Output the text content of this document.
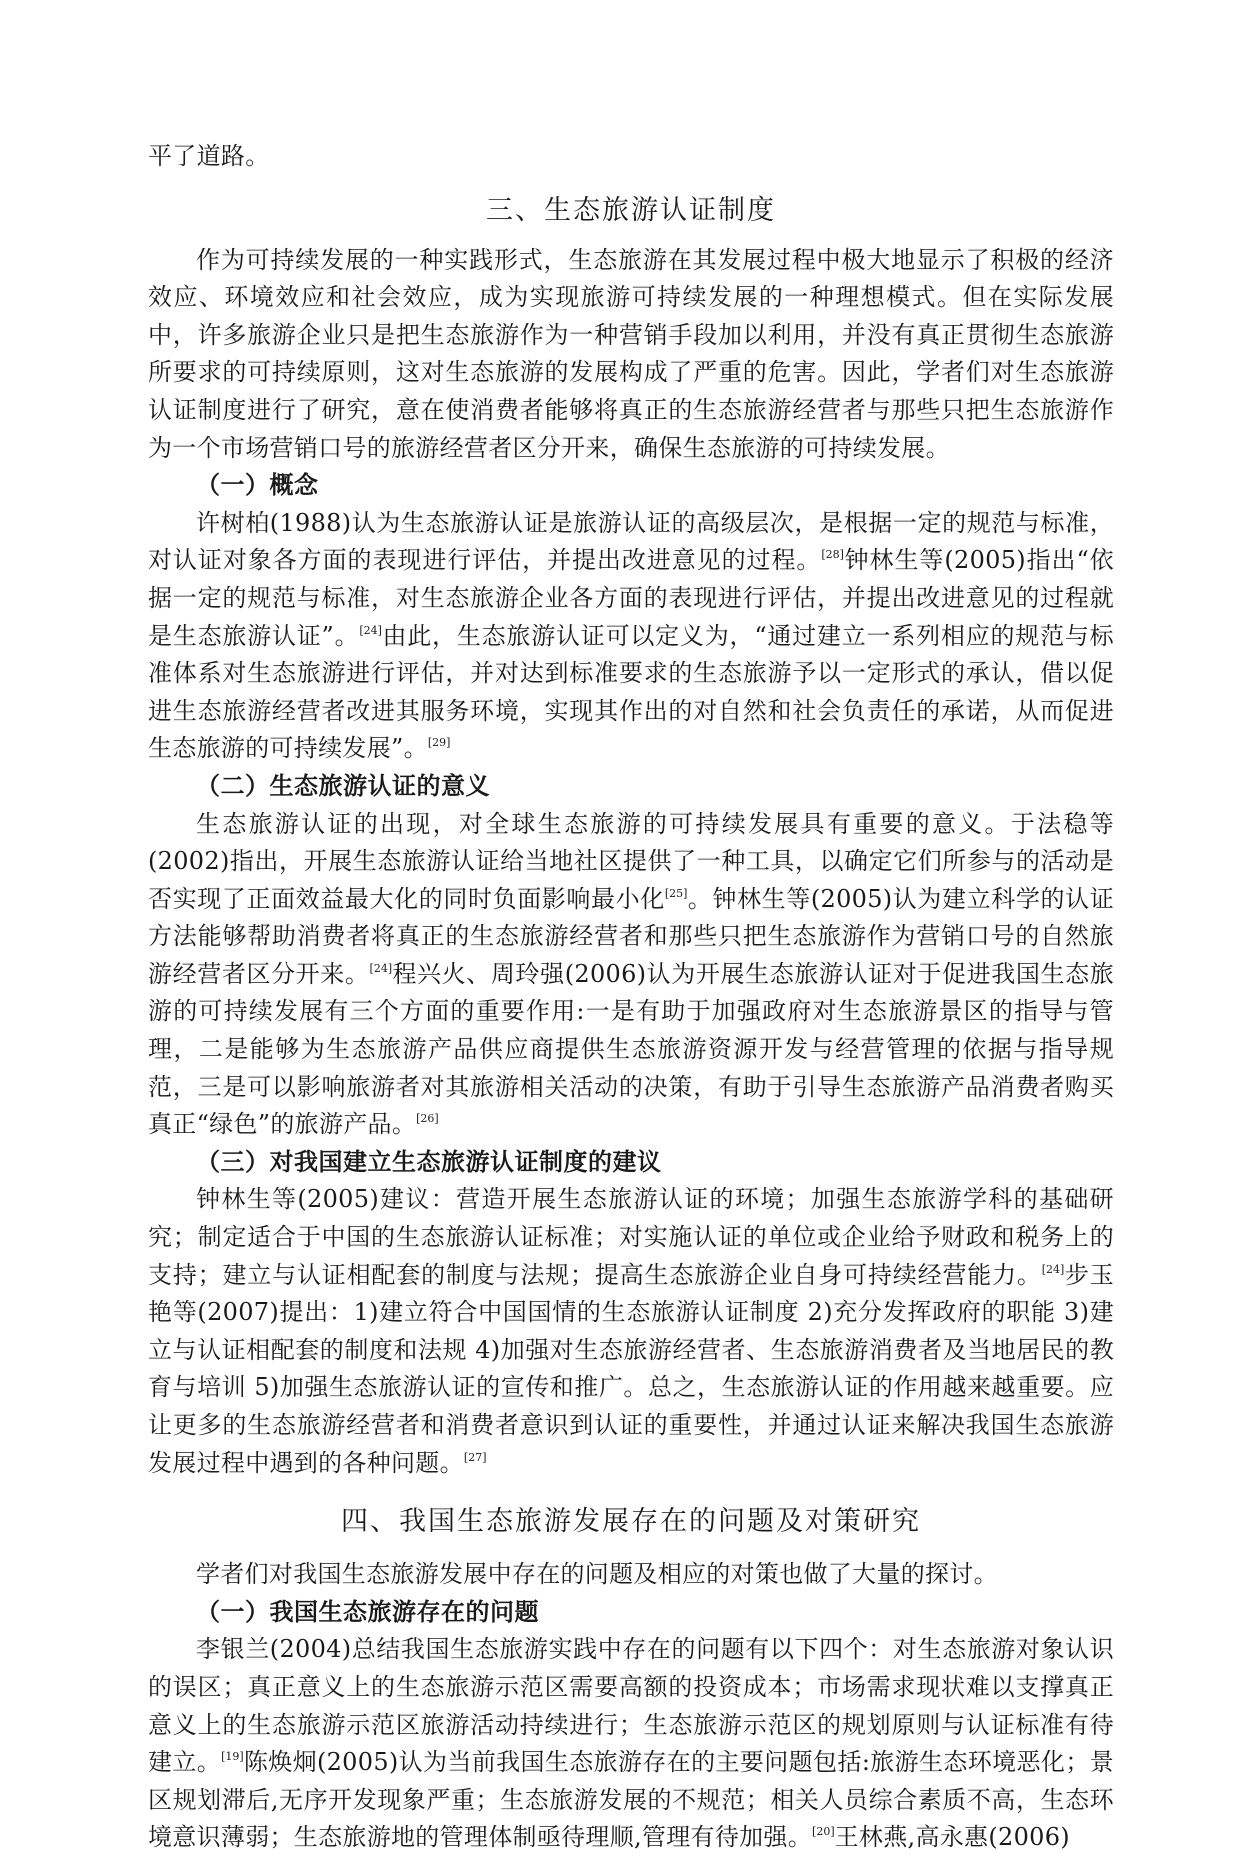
平了道路。

三、生态旅游认证制度

作为可持续发展的一种实践形式，生态旅游在其发展过程中极大地显示了积极的经济效应、环境效应和社会效应，成为实现旅游可持续发展的一种理想模式。但在实际发展中，许多旅游企业只是把生态旅游作为一种营销手段加以利用，并没有真正贯彻生态旅游所要求的可持续原则，这对生态旅游的发展构成了严重的危害。因此，学者们对生态旅游认证制度进行了研究，意在使消费者能够将真正的生态旅游经营者与那些只把生态旅游作为一个市场营销口号的旅游经营者区分开来，确保生态旅游的可持续发展。

（一）概念

许树柏(1988)认为生态旅游认证是旅游认证的高级层次，是根据一定的规范与标准，对认证对象各方面的表现进行评估，并提出改进意见的过程。[28]钟林生等(2005)指出“依据一定的规范与标准，对生态旅游企业各方面的表现进行评估，并提出改进意见的过程就是生态旅游认证”。[24]由此，生态旅游认证可以定义为，“通过建立一系列相应的规范与标准体系对生态旅游进行评估，并对达到标准要求的生态旅游予以一定形式的承认，借以促进生态旅游经营者改进其服务环境，实现其作出的对自然和社会负责任的承诺，从而促进生态旅游的可持续发展”。[29]

（二）生态旅游认证的意义

生态旅游认证的出现，对全球生态旅游的可持续发展具有重要的意义。于法稳等(2002)指出，开展生态旅游认证给当地社区提供了一种工具，以确定它们所参与的活动是否实现了正面效益最大化的同时负面影响最小化[25]。钟林生等(2005)认为建立科学的认证方法能够帮助消费者将真正的生态旅游经营者和那些只把生态旅游作为营销口号的自然旅游经营者区分开来。[24]程兴火、周玲强(2006)认为开展生态旅游认证对于促进我国生态旅游的可持续发展有三个方面的重要作用:一是有助于加强政府对生态旅游景区的指导与管理，二是能够为生态旅游产品供应商提供生态旅游资源开发与经营管理的依据与指导规范，三是可以影响旅游者对其旅游相关活动的决策，有助于引导生态旅游产品消费者购买真正“绿色”的旅游产品。[26]

（三）对我国建立生态旅游认证制度的建议

钟林生等(2005)建议：营造开展生态旅游认证的环境；加强生态旅游学科的基础研究；制定适合于中国的生态旅游认证标准；对实施认证的单位或企业给予财政和税务上的支持；建立与认证相配套的制度与法规；提高生态旅游企业自身可持续经营能力。[24]步玉艳等(2007)提出：1)建立符合中国国情的生态旅游认证制度 2)充分发挥政府的职能 3)建立与认证相配套的制度和法规 4)加强对生态旅游经营者、生态旅游消费者及当地居民的教育与培训 5)加强生态旅游认证的宣传和推广。总之，生态旅游认证的作用越来越重要。应让更多的生态旅游经营者和消费者意识到认证的重要性，并通过认证来解决我国生态旅游发展过程中遇到的各种问题。[27]

四、我国生态旅游发展存在的问题及对策研究

学者们对我国生态旅游发展中存在的问题及相应的对策也做了大量的探讨。

（一）我国生态旅游存在的问题

李银兰(2004)总结我国生态旅游实践中存在的问题有以下四个：对生态旅游对象认识的误区；真正意义上的生态旅游示范区需要高额的投资成本；市场需求现状难以支撑真正意义上的生态旅游示范区旅游活动持续进行；生态旅游示范区的规划原则与认证标准有待建立。[19]陈焕炯(2005)认为当前我国生态旅游存在的主要问题包括:旅游生态环境恶化；景区规划滞后,无序开发现象严重；生态旅游发展的不规范；相关人员综合素质不高，生态环境意识薄弱；生态旅游地的管理体制亟待理顺,管理有待加强。[20]王林燕,高永惠(2006)
